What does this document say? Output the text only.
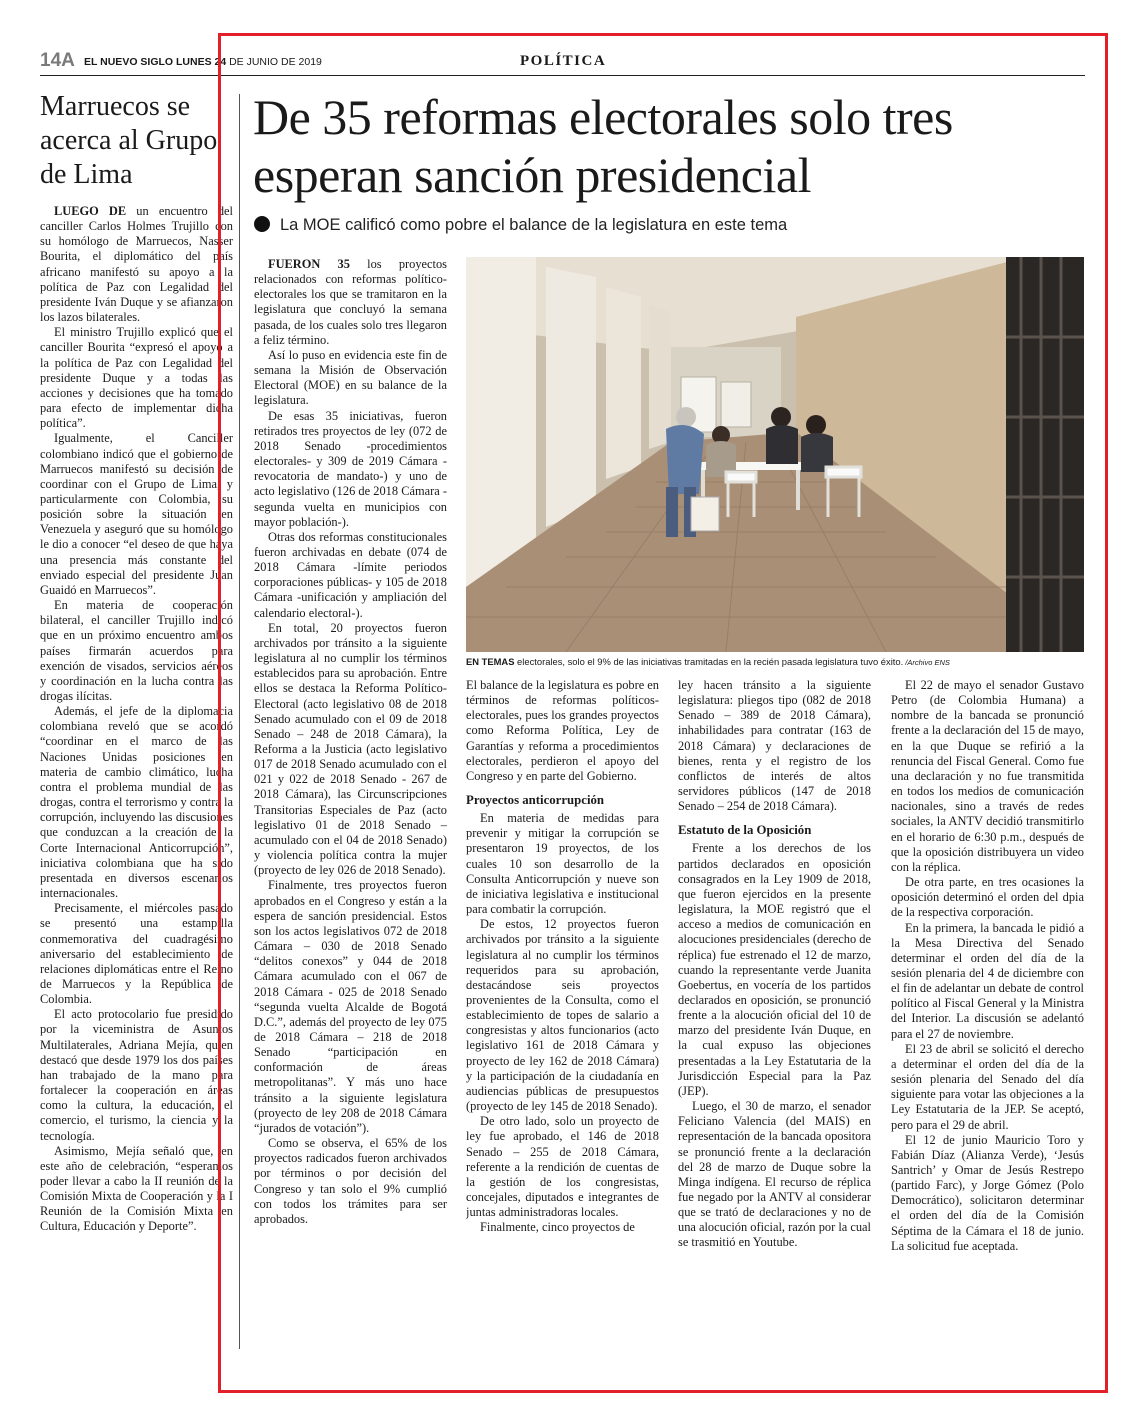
14A EL NUEVO SIGLO LUNES 24 DE JUNIO DE 2019	POLÍTICA
Marruecos se acerca al Grupo de Lima

LUEGO DE un encuentro del canciller Carlos Holmes Trujillo con su homólogo de Marruecos, Nasser Bourita, el diplomático del país africano manifestó su apoyo a la política de Paz con Legalidad del presidente Iván Duque y se afianzaron los lazos bilaterales.

El ministro Trujillo explicó que el canciller Bourita “expresó el apoyo a la política de Paz con Legalidad del presidente Duque y a todas las acciones y decisiones que ha tomado para efecto de implementar dicha política”.

Igualmente, el Canciller colombiano indicó que el gobierno de Marruecos manifestó su decisión de coordinar con el Grupo de Lima, y particularmente con Colombia, su posición sobre la situación en Venezuela y aseguró que su homólogo le dio a conocer “el deseo de que haya una presencia más constante del enviado especial del presidente Juan Guaidó en Marruecos”.

En materia de cooperación bilateral, el canciller Trujillo indicó que en un próximo encuentro ambos países firmarán acuerdos para exención de visados, servicios aéreos y coordinación en la lucha contra las drogas ilícitas.

Además, el jefe de la diplomacia colombiana reveló que se acordó “coordinar en el marco de las Naciones Unidas posiciones en materia de cambio climático, lucha contra el problema mundial de las drogas, contra el terrorismo y contra la corrupción, incluyendo las discusiones que conduzcan a la creación de la Corte Internacional Anticorrupción”, iniciativa colombiana que ha sido presentada en diversos escenarios internacionales.

Precisamente, el miércoles pasado se presentó una estampilla conmemorativa del cuadragésimo aniversario del establecimiento de relaciones diplomáticas entre el Reino de Marruecos y la República de Colombia.

El acto protocolario fue presidido por la viceministra de Asuntos Multilaterales, Adriana Mejía, quien destacó que desde 1979 los dos países han trabajado de la mano para fortalecer la cooperación en áreas como la cultura, la educación, el comercio, el turismo, la ciencia y la tecnología.

Asimismo, Mejía señaló que, en este año de celebración, “esperamos poder llevar a cabo la II reunión de la Comisión Mixta de Cooperación y la I Reunión de la Comisión Mixta en Cultura, Educación y Deporte”.

De 35 reformas electorales solo tres esperan sanción presidencial
La MOE calificó como pobre el balance de la legislatura en este tema

FUERON 35 los proyectos relacionados con reformas político-electorales los que se tramitaron en la legislatura que concluyó la semana pasada, de los cuales solo tres llegaron a feliz término.

Así lo puso en evidencia este fin de semana la Misión de Observación Electoral (MOE) en su balance de la legislatura.

De esas 35 iniciativas, fueron retirados tres proyectos de ley (072 de 2018 Senado -procedimientos electorales- y 309 de 2019 Cámara -revocatoria de mandato-) y uno de acto legislativo (126 de 2018 Cámara -segunda vuelta en municipios con mayor población-).

Otras dos reformas constitucionales fueron archivadas en debate (074 de 2018 Cámara -límite periodos corporaciones públicas- y 105 de 2018 Cámara -unificación y ampliación del calendario electoral-).

En total, 20 proyectos fueron archivados por tránsito a la siguiente legislatura al no cumplir los términos establecidos para su aprobación. Entre ellos se destaca la Reforma Político-Electoral (acto legislativo 08 de 2018 Senado acumulado con el 09 de 2018 Senado – 248 de 2018 Cámara), la Reforma a la Justicia (acto legislativo 017 de 2018 Senado acumulado con el 021 y 022 de 2018 Senado - 267 de 2018 Cámara), las Circunscripciones Transitorias Especiales de Paz (acto legislativo 01 de 2018 Senado – acumulado con el 04 de 2018 Senado) y violencia política contra la mujer (proyecto de ley 026 de 2018 Senado).

Finalmente, tres proyectos fueron aprobados en el Congreso y están a la espera de sanción presidencial. Estos son los actos legislativos 072 de 2018 Cámara – 030 de 2018 Senado “delitos conexos” y 044 de 2018 Cámara acumulado con el 067 de 2018 Cámara - 025 de 2018 Senado “segunda vuelta Alcalde de Bogotá D.C.”, además del proyecto de ley 075 de 2018 Cámara – 218 de 2018 Senado “participación en conformación de áreas metropolitanas”. Y más uno hace tránsito a la siguiente legislatura (proyecto de ley 208 de 2018 Cámara “jurados de votación”).

Como se observa, el 65% de los proyectos radicados fueron archivados por términos o por decisión del Congreso y tan solo el 9% cumplió con todos los trámites para ser aprobados.

EN TEMAS electorales, solo el 9% de las iniciativas tramitadas en la recién pasada legislatura tuvo éxito. /Archivo ENS

El balance de la legislatura es pobre en términos de reformas políticos-electorales, pues los grandes proyectos como Reforma Política, Ley de Garantías y reforma a procedimientos electorales, perdieron el apoyo del Congreso y en parte del Gobierno.

Proyectos anticorrupción

En materia de medidas para prevenir y mitigar la corrupción se presentaron 19 proyectos, de los cuales 10 son desarrollo de la Consulta Anticorrupción y nueve son de iniciativa legislativa e institucional para combatir la corrupción.

De estos, 12 proyectos fueron archivados por tránsito a la siguiente legislatura al no cumplir los términos requeridos para su aprobación, destacándose seis proyectos provenientes de la Consulta, como el establecimiento de topes de salario a congresistas y altos funcionarios (acto legislativo 161 de 2018 Cámara y proyecto de ley 162 de 2018 Cámara) y la participación de la ciudadanía en audiencias públicas de presupuestos (proyecto de ley 145 de 2018 Senado).

De otro lado, solo un proyecto de ley fue aprobado, el 146 de 2018 Senado – 255 de 2018 Cámara, referente a la rendición de cuentas de la gestión de los congresistas, concejales, diputados e integrantes de juntas administradoras locales.

Finalmente, cinco proyectos de

ley hacen tránsito a la siguiente legislatura: pliegos tipo (082 de 2018 Senado – 389 de 2018 Cámara), inhabilidades para contratar (163 de 2018 Cámara) y declaraciones de bienes, renta y el registro de los conflictos de interés de altos servidores públicos (147 de 2018 Senado – 254 de 2018 Cámara).

Estatuto de la Oposición

Frente a los derechos de los partidos declarados en oposición consagrados en la Ley 1909 de 2018, que fueron ejercidos en la presente legislatura, la MOE registró que el acceso a medios de comunicación en alocuciones presidenciales (derecho de réplica) fue estrenado el 12 de marzo, cuando la representante verde Juanita Goebertus, en vocería de los partidos declarados en oposición, se pronunció frente a la alocución oficial del 10 de marzo del presidente Iván Duque, en la cual expuso las objeciones presentadas a la Ley Estatutaria de la Jurisdicción Especial para la Paz (JEP).

Luego, el 30 de marzo, el senador Feliciano Valencia (del MAIS) en representación de la bancada opositora se pronunció frente a la declaración del 28 de marzo de Duque sobre la Minga indígena. El recurso de réplica fue negado por la ANTV al considerar que se trató de declaraciones y no de una alocución oficial, razón por la cual se trasmitió en Youtube.

El 22 de mayo el senador Gustavo Petro (de Colombia Humana) a nombre de la bancada se pronunció frente a la declaración del 15 de mayo, en la que Duque se refirió a la renuncia del Fiscal General. Como fue una declaración y no fue transmitida en todos los medios de comunicación nacionales, sino a través de redes sociales, la ANTV decidió transmitirlo en el horario de 6:30 p.m., después de que la oposición distribuyera un video con la réplica.

De otra parte, en tres ocasiones la oposición determinó el orden del dpia de la respectiva corporación.

En la primera, la bancada le pidió a la Mesa Directiva del Senado determinar el orden del día de la sesión plenaria del 4 de diciembre con el fin de adelantar un debate de control político al Fiscal General y la Ministra del Interior. La discusión se adelantó para el 27 de noviembre.

El 23 de abril se solicitó el derecho a determinar el orden del día de la sesión plenaria del Senado del día siguiente para votar las objeciones a la Ley Estatutaria de la JEP. Se aceptó, pero para el 29 de abril.

El 12 de junio Mauricio Toro y Fabián Díaz (Alianza Verde), ‘Jesús Santrich’ y Omar de Jesús Restrepo (partido Farc), y Jorge Gómez (Polo Democrático), solicitaron determinar el orden del día de la Comisión Séptima de la Cámara el 18 de junio. La solicitud fue aceptada.
